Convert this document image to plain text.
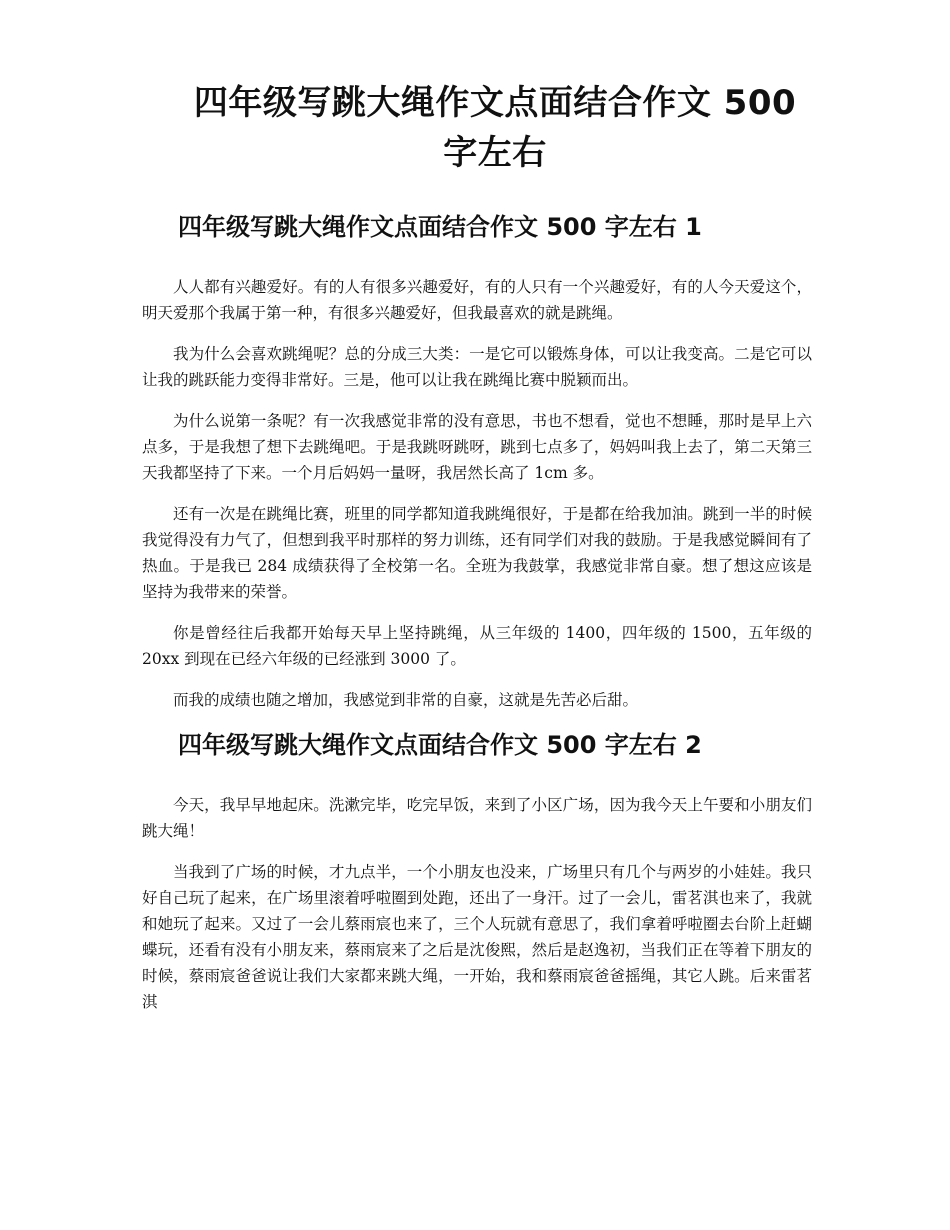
四年级写跳大绳作文点面结合作文 500 字左右
四年级写跳大绳作文点面结合作文 500 字左右 1

人人都有兴趣爱好。有的人有很多兴趣爱好，有的人只有一个兴趣爱好，有的人今天爱这个，明天爱那个我属于第一种，有很多兴趣爱好，但我最喜欢的就是跳绳。

我为什么会喜欢跳绳呢？总的分成三大类：一是它可以锻炼身体，可以让我变高。二是它可以让我的跳跃能力变得非常好。三是，他可以让我在跳绳比赛中脱颖而出。

为什么说第一条呢？有一次我感觉非常的没有意思，书也不想看，觉也不想睡，那时是早上六点多，于是我想了想下去跳绳吧。于是我跳呀跳呀，跳到七点多了，妈妈叫我上去了，第二天第三天我都坚持了下来。一个月后妈妈一量呀，我居然长高了 1cm 多。

还有一次是在跳绳比赛，班里的同学都知道我跳绳很好，于是都在给我加油。跳到一半的时候我觉得没有力气了，但想到我平时那样的努力训练，还有同学们对我的鼓励。于是我感觉瞬间有了热血。于是我已 284 成绩获得了全校第一名。全班为我鼓掌，我感觉非常自豪。想了想这应该是坚持为我带来的荣誉。

你是曾经往后我都开始每天早上坚持跳绳，从三年级的 1400，四年级的 1500，五年级的 20xx 到现在已经六年级的已经涨到 3000 了。

而我的成绩也随之增加，我感觉到非常的自豪，这就是先苦必后甜。

四年级写跳大绳作文点面结合作文 500 字左右 2

今天，我早早地起床。洗漱完毕，吃完早饭，来到了小区广场，因为我今天上午要和小朋友们跳大绳！

当我到了广场的时候，才九点半，一个小朋友也没来，广场里只有几个与两岁的小娃娃。我只好自己玩了起来，在广场里滚着呼啦圈到处跑，还出了一身汗。过了一会儿，雷茗淇也来了，我就和她玩了起来。又过了一会儿蔡雨宸也来了，三个人玩就有意思了，我们拿着呼啦圈去台阶上赶蝴蝶玩，还看有没有小朋友来，蔡雨宸来了之后是沈俊熙，然后是赵逸初，当我们正在等着下朋友的时候，蔡雨宸爸爸说让我们大家都来跳大绳，一开始，我和蔡雨宸爸爸摇绳，其它人跳。后来雷茗淇
